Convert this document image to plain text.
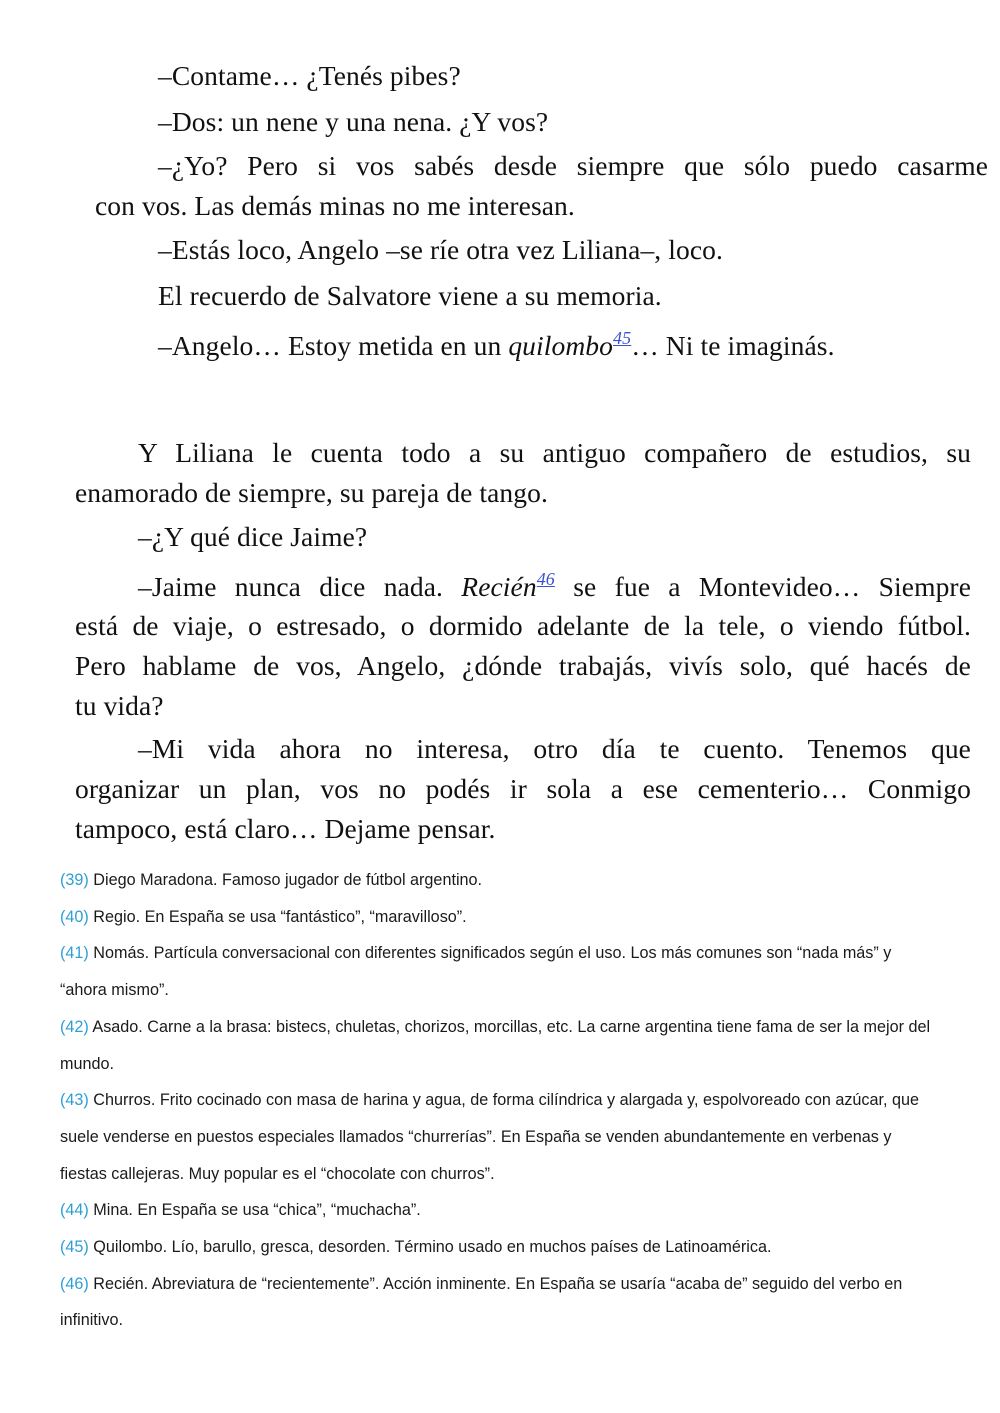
–Contame… ¿Tenés pibes?
–Dos: un nene y una nena. ¿Y vos?
–¿Yo? Pero si vos sabés desde siempre que sólo puedo casarme
con vos. Las demás minas no me interesan.
–Estás loco, Angelo –se ríe otra vez Liliana–, loco.
El recuerdo de Salvatore viene a su memoria.
–Angelo… Estoy metida en un quilombo$^{45}$… Ni te imaginás.
Y Liliana le cuenta todo a su antiguo compañero de estudios, su
enamorado de siempre, su pareja de tango.
–¿Y qué dice Jaime?
–Jaime nunca dice nada. Recién$^{46}$ se fue a Montevideo… Siempre
está de viaje, o estresado, o dormido adelante de la tele, o viendo fútbol.
Pero hablame de vos, Angelo, ¿dónde trabajás, vivís solo, qué hacés de
tu vida?
–Mi vida ahora no interesa, otro día te cuento. Tenemos que
organizar un plan, vos no podés ir sola a ese cementerio… Conmigo
tampoco, está claro… Dejame pensar.

(39) Diego Maradona. Famoso jugador de fútbol argentino.

(40) Regio. En España se usa “fantástico”, “maravilloso”.

(41) Nomás. Partícula conversacional con diferentes significados según el uso. Los más comunes son “nada más” y “ahora mismo”.

(42) Asado. Carne a la brasa: bistecs, chuletas, chorizos, morcillas, etc. La carne argentina tiene fama de ser la mejor del mundo.

(43) Churros. Frito cocinado con masa de harina y agua, de forma cilíndrica y alargada y, espolvoreado con azúcar, que suele venderse en puestos especiales llamados “churrerías”. En España se venden abundantemente en verbenas y fiestas callejeras. Muy popular es el “chocolate con churros”.

(44) Mina. En España se usa “chica”, “muchacha”.

(45) Quilombo. Lío, barullo, gresca, desorden. Término usado en muchos países de Latinoamérica.

(46) Recién. Abreviatura de “recientemente”. Acción inminente. En España se usaría “acaba de” seguido del verbo en infinitivo.
